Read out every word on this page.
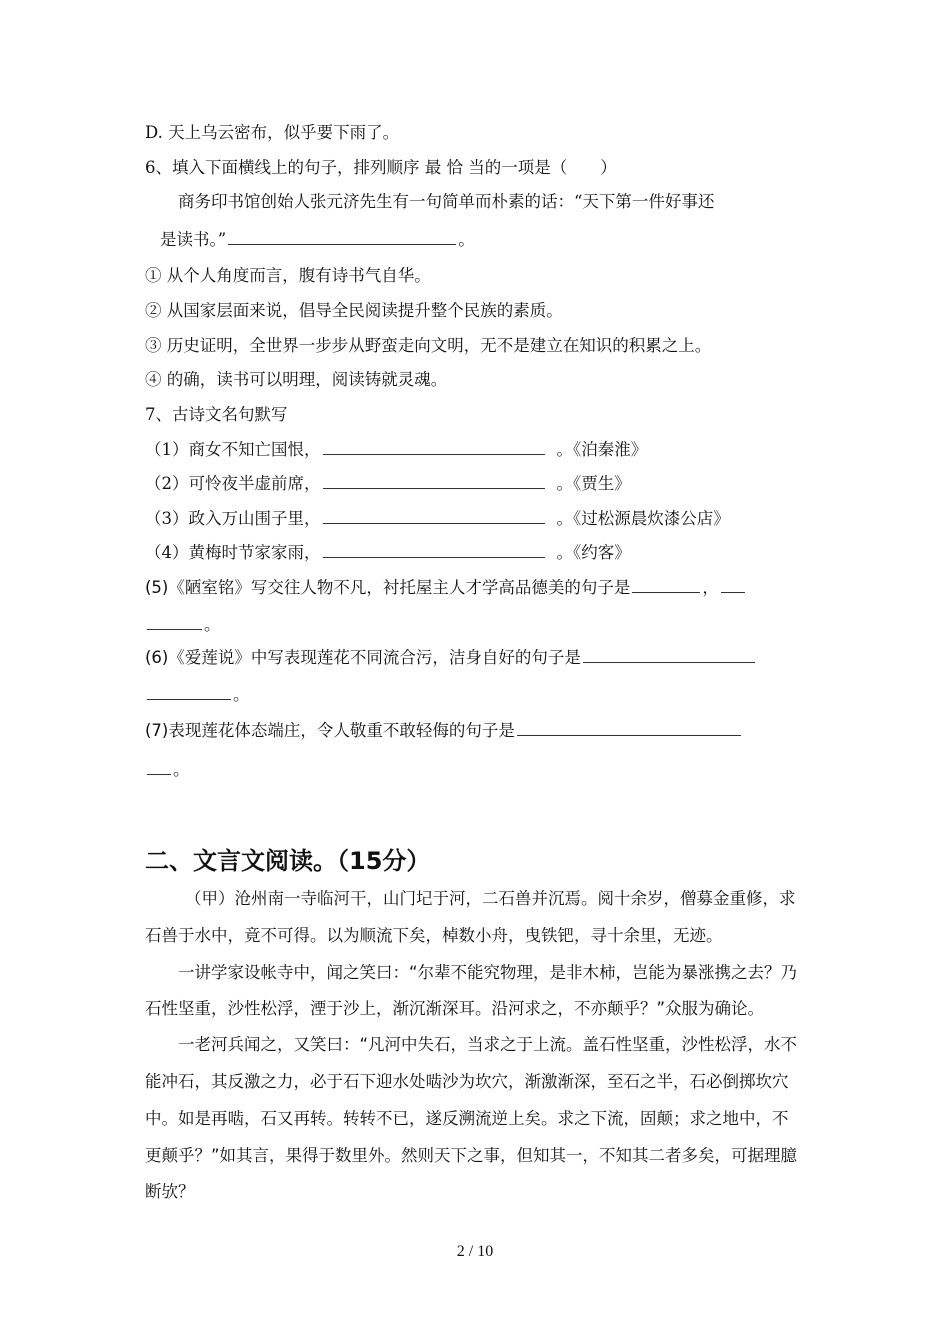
D. 天上乌云密布，似乎要下雨了。
6、填入下面横线上的句子，排列顺序 最 恰 当的一项是（　　）
商务印书馆创始人张元济先生有一句简单而朴素的话：“天下第一件好事还
是读书。”	。
① 从个人角度而言，腹有诗书气自华。
② 从国家层面来说，倡导全民阅读提升整个民族的素质。
③ 历史证明，全世界一步步从野蛮走向文明，无不是建立在知识的积累之上。
④ 的确，读书可以明理，阅读铸就灵魂。
7、古诗文名句默写
（1）商女不知亡国恨，	。《泊秦淮》
（2）可怜夜半虚前席，	。《贾生》
（3）政入万山围子里，	。《过松源晨炊漆公店》
（4）黄梅时节家家雨，	。《约客》
(5)《陋室铭》写交往人物不凡，衬托屋主人才学高品德美的句子是	，
。
(6)《爱莲说》中写表现莲花不同流合污，洁身自好的句子是
。
(7)表现莲花体态端庄，令人敬重不敢轻侮的句子是
。
二、文言文阅读。（15分）
（甲）沧州南一寺临河干，山门圮于河，二石兽并沉焉。阅十余岁，僧募金重修，求
石兽于水中，竟不可得。以为顺流下矣，棹数小舟，曳铁钯，寻十余里，无迹。
一讲学家设帐寺中，闻之笑曰：“尔辈不能究物理，是非木柿，岂能为暴涨携之去？乃
石性坚重，沙性松浮，湮于沙上，渐沉渐深耳。沿河求之，不亦颠乎？”众服为确论。
一老河兵闻之，又笑曰：“凡河中失石，当求之于上流。盖石性坚重，沙性松浮，水不
能冲石，其反激之力，必于石下迎水处啮沙为坎穴，渐激渐深，至石之半，石必倒掷坎穴
中。如是再啮，石又再转。转转不已，遂反溯流逆上矣。求之下流，固颠；求之地中，不
更颠乎？”如其言，果得于数里外。然则天下之事，但知其一，不知其二者多矣，可据理臆
断欤？
2 / 10
